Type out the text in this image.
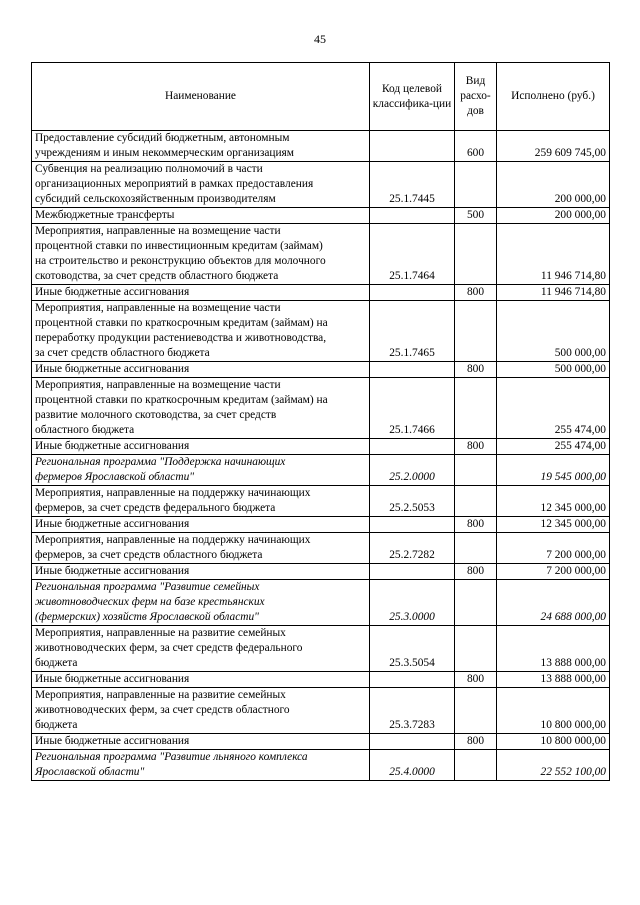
45
Наименование	Код целевой классифика-ции	Вид расхо-дов	Исполнено (руб.)

Предоставление субсидий бюджетным, автономным
учреждениям и иным некоммерческим организациям		600	259 609 745,00

Субвенция на реализацию полномочий в части
организационных мероприятий в рамках предоставления
субсидий сельскохозяйственным производителям	25.1.7445		200 000,00

Межбюджетные трансферты		500	200 000,00

Мероприятия, направленные на возмещение части
процентной ставки по инвестиционным кредитам (займам)
на строительство и реконструкцию объектов для молочного
скотоводства, за счет средств областного бюджета	25.1.7464		11 946 714,80

Иные бюджетные ассигнования		800	11 946 714,80

Мероприятия, направленные на возмещение части
процентной ставки по краткосрочным кредитам (займам) на
переработку продукции растениеводства и животноводства,
за счет средств областного бюджета	25.1.7465		500 000,00

Иные бюджетные ассигнования		800	500 000,00

Мероприятия, направленные на возмещение части
процентной ставки по краткосрочным кредитам (займам) на
развитие молочного скотоводства, за счет средств
областного бюджета	25.1.7466		255 474,00

Иные бюджетные ассигнования		800	255 474,00

Региональная программа "Поддержка начинающих
фермеров Ярославской области"	25.2.0000		19 545 000,00

Мероприятия, направленные на поддержку начинающих
фермеров, за счет средств федерального бюджета	25.2.5053		12 345 000,00

Иные бюджетные ассигнования		800	12 345 000,00

Мероприятия, направленные на поддержку начинающих
фермеров, за счет средств областного бюджета	25.2.7282		7 200 000,00

Иные бюджетные ассигнования		800	7 200 000,00

Региональная программа "Развитие семейных
животноводческих ферм на базе крестьянских
(фермерских) хозяйств Ярославской области"	25.3.0000		24 688 000,00

Мероприятия, направленные на развитие семейных
животноводческих ферм, за счет средств федерального
бюджета	25.3.5054		13 888 000,00

Иные бюджетные ассигнования		800	13 888 000,00

Мероприятия, направленные на развитие семейных
животноводческих ферм, за счет средств областного
бюджета	25.3.7283		10 800 000,00

Иные бюджетные ассигнования		800	10 800 000,00

Региональная программа "Развитие льняного комплекса
Ярославской области"	25.4.0000		22 552 100,00
